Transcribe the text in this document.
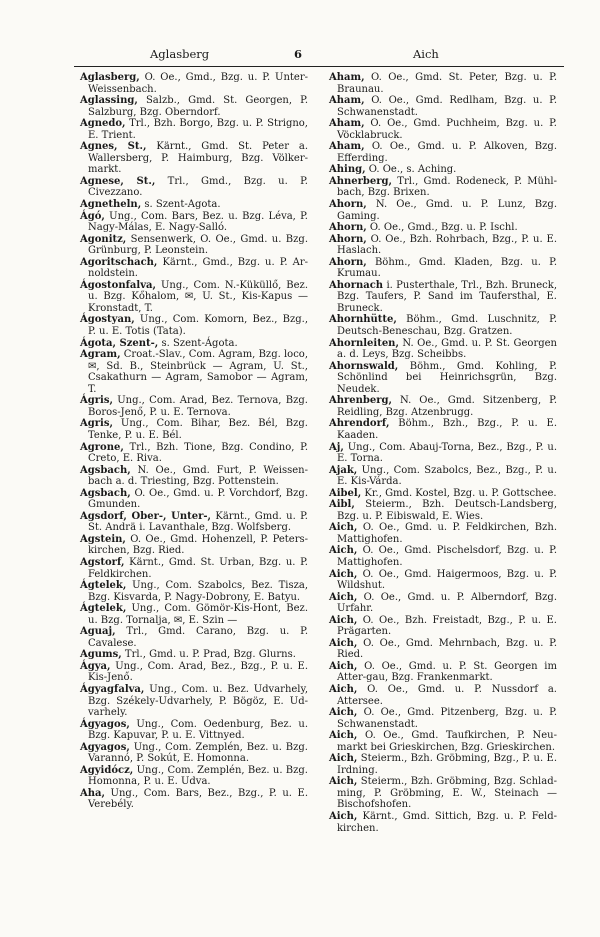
Aglasberg	6	Aich

Aglasberg, O. Oe., Gmd., Bzg. u. P. Unter-Weissenbach.

Aglassing, Salzb., Gmd. St. Georgen, P. Salzburg, Bzg. Oberndorf.

Agnedo, Trl., Bzh. Borgo, Bzg. u. P. Strigno, E. Trient.

Agnes, St., Kärnt., Gmd. St. Peter a. Wallersberg, P. Haimburg, Bzg. Völker-markt.

Agnese, St., Trl., Gmd., Bzg. u. P. Civezzano.

Agnetheln, s. Szent-Agota.

Ágó, Ung., Com. Bars, Bez. u. Bzg. Léva, P. Nagy-Málas, E. Nagy-Salló.

Agonitz, Sensenwerk, O. Oe., Gmd. u. Bzg. Grünburg, P. Leonstein.

Agoritschach, Kärnt., Gmd., Bzg. u. P. Ar-noldstein.

Ágostonfalva, Ung., Com. N.-Küküllő, Bez. u. Bzg. Kőhalom, ✉, U. St., Kis-Kapus — Kronstadt, T.

Ágostyan, Ung., Com. Komorn, Bez., Bzg., P. u. E. Totis (Tata).

Ágota, Szent-, s. Szent-Ágota.

Agram, Croat.-Slav., Com. Agram, Bzg. loco, ✉, Sd. B., Steinbrück — Agram, U. St., Csakathurn — Agram, Samobor — Agram, T.

Ágris, Ung., Com. Arad, Bez. Ternova, Bzg. Boros-Jenő, P. u. E. Ternova.

Agris, Ung., Com. Bihar, Bez. Bél, Bzg. Tenke, P. u. E. Bél.

Agrone, Trl., Bzh. Tione, Bzg. Condino, P. Creto, E. Riva.

Agsbach, N. Oe., Gmd. Furt, P. Weissen-bach a. d. Triesting, Bzg. Pottenstein.

Agsbach, O. Oe., Gmd. u. P. Vorchdorf, Bzg. Gmunden.

Agsdorf, Ober-, Unter-, Kärnt., Gmd. u. P. St. Andrä i. Lavanthale, Bzg. Wolfsberg.

Agstein, O. Oe., Gmd. Hohenzell, P. Peters-kirchen, Bzg. Ried.

Agstorf, Kärnt., Gmd. St. Urban, Bzg. u. P. Feldkirchen.

Ágtelek, Ung., Com. Szabolcs, Bez. Tisza, Bzg. Kisvarda, P. Nagy-Dobrony, E. Batyu.

Ágtelek, Ung., Com. Gömör-Kis-Hont, Bez. u. Bzg. Tornalja, ✉, E. Szin —

Aguaj, Trl., Gmd. Carano, Bzg. u. P. Cavalese.

Agums, Trl., Gmd. u. P. Prad, Bzg. Glurns.

Ágya, Ung., Com. Arad, Bez., Bzg., P. u. E. Kis-Jenő.

Ágyagfalva, Ung., Com. u. Bez. Udvarhely, Bzg. Székely-Udvarhely, P. Bögöz, E. Ud-varhely.

Ágyagos, Ung., Com. Oedenburg, Bez. u. Bzg. Kapuvar, P. u. E. Vittnyed.

Agyagos, Ung., Com. Zemplén, Bez. u. Bzg. Varannó, P. Sokút, E. Homonna.

Agyidócz, Ung., Com. Zemplén, Bez. u. Bzg. Homonna, P. u. E. Udva.

Aha, Ung., Com. Bars, Bez., Bzg., P. u. E. Verebély.

Aham, O. Oe., Gmd. St. Peter, Bzg. u. P. Braunau.

Aham, O. Oe., Gmd. Redlham, Bzg. u. P. Schwanenstadt.

Aham, O. Oe., Gmd. Puchheim, Bzg. u. P. Vöcklabruck.

Aham, O. Oe., Gmd. u. P. Alkoven, Bzg. Efferding.

Ahing, O. Oe., s. Aching.

Ahnerberg, Trl., Gmd. Rodeneck, P. Mühl-bach, Bzg. Brixen.

Ahorn, N. Oe., Gmd. u. P. Lunz, Bzg. Gaming.

Ahorn, O. Oe., Gmd., Bzg. u. P. Ischl.

Ahorn, O. Oe., Bzh. Rohrbach, Bzg., P. u. E. Haslach.

Ahorn, Böhm., Gmd. Kladen, Bzg. u. P. Krumau.

Ahornach i. Pusterthale, Trl., Bzh. Bruneck, Bzg. Taufers, P. Sand im Taufersthal, E. Bruneck.

Ahornhütte, Böhm., Gmd. Luschnitz, P. Deutsch-Beneschau, Bzg. Gratzen.

Ahornleiten, N. Oe., Gmd. u. P. St. Georgen a. d. Leys, Bzg. Scheibbs.

Ahornswald, Böhm., Gmd. Kohling, P. Schönlind bei Heinrichsgrün, Bzg. Neudek.

Ahrenberg, N. Oe., Gmd. Sitzenberg, P. Reidling, Bzg. Atzenbrugg.

Ahrendorf, Böhm., Bzh., Bzg., P. u. E. Kaaden.

Aj, Ung., Com. Abauj-Torna, Bez., Bzg., P. u. E. Torna.

Ajak, Ung., Com. Szabolcs, Bez., Bzg., P. u. E. Kis-Várda.

Aibel, Kr., Gmd. Kostel, Bzg. u. P. Gottschee.

Aibl, Steierm., Bzh. Deutsch-Landsberg, Bzg. u. P. Eibiswald, E. Wies.

Aich, O. Oe., Gmd. u. P. Feldkirchen, Bzh. Mattighofen.

Aich, O. Oe., Gmd. Pischelsdorf, Bzg. u. P. Mattighofen.

Aich, O. Oe., Gmd. Haigermoos, Bzg. u. P. Wildshut.

Aich, O. Oe., Gmd. u. P. Alberndorf, Bzg. Urfahr.

Aich, O. Oe., Bzh. Freistadt, Bzg., P. u. E. Prägarten.

Aich, O. Oe., Gmd. Mehrnbach, Bzg. u. P. Ried.

Aich, O. Oe., Gmd. u. P. St. Georgen im Atter-gau, Bzg. Frankenmarkt.

Aich, O. Oe., Gmd. u. P. Nussdorf a. Attersee.

Aich, O. Oe., Gmd. Pitzenberg, Bzg. u. P. Schwanenstadt.

Aich, O. Oe., Gmd. Taufkirchen, P. Neu-markt bei Grieskirchen, Bzg. Grieskirchen.

Aich, Steierm., Bzh. Gröbming, Bzg., P. u. E. Irdning.

Aich, Steierm., Bzh. Gröbming, Bzg. Schlad-ming, P. Gröbming, E. W., Steinach — Bischofshofen.

Aich, Kärnt., Gmd. Sittich, Bzg. u. P. Feld-kirchen.
